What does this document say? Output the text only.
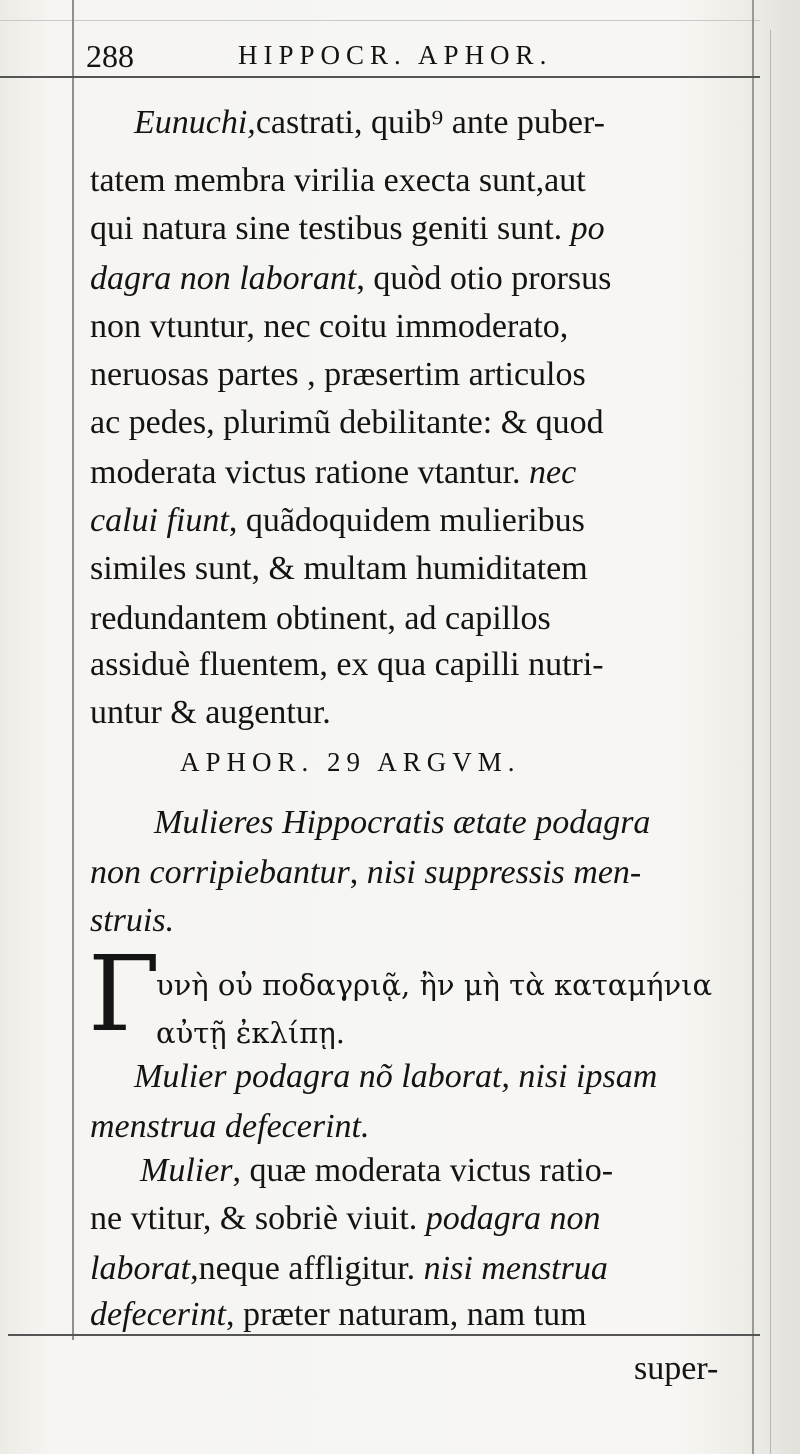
288	HIPPOCR. APHOR.
Eunuchi,castrati, quib⁹ ante puber-
tatem membra virilia execta sunt,aut
qui natura sine testibus geniti sunt. po
dagra non laborant, quòd otio prorsus
non vtuntur, nec coitu immoderato,
neruosas partes , præsertim articulos
ac pedes, plurimũ debilitante: & quod
moderata victus ratione vtantur. nec
calui fiunt, quãdoquidem mulieribus
similes sunt, & multam humiditatem
redundantem obtinent, ad capillos
assiduè fluentem, ex qua capilli nutri-
untur & augentur.
APHOR. 29 ARGVM.
Mulieres Hippocratis ætate podagra
non corripiebantur, nisi suppressis men-
struis.
Γ
υνὴ οὐ ποδαγριᾷ, ἢν μὴ τὰ καταμήνια
αὐτῇ ἐκλίπῃ.
Mulier podagra nõ laborat, nisi ipsam
menstrua defecerint.
Mulier, quæ moderata victus ratio-
ne vtitur, & sobriè viuit. podagra non
laborat,neque affligitur. nisi menstrua
defecerint, præter naturam, nam tum
super-
